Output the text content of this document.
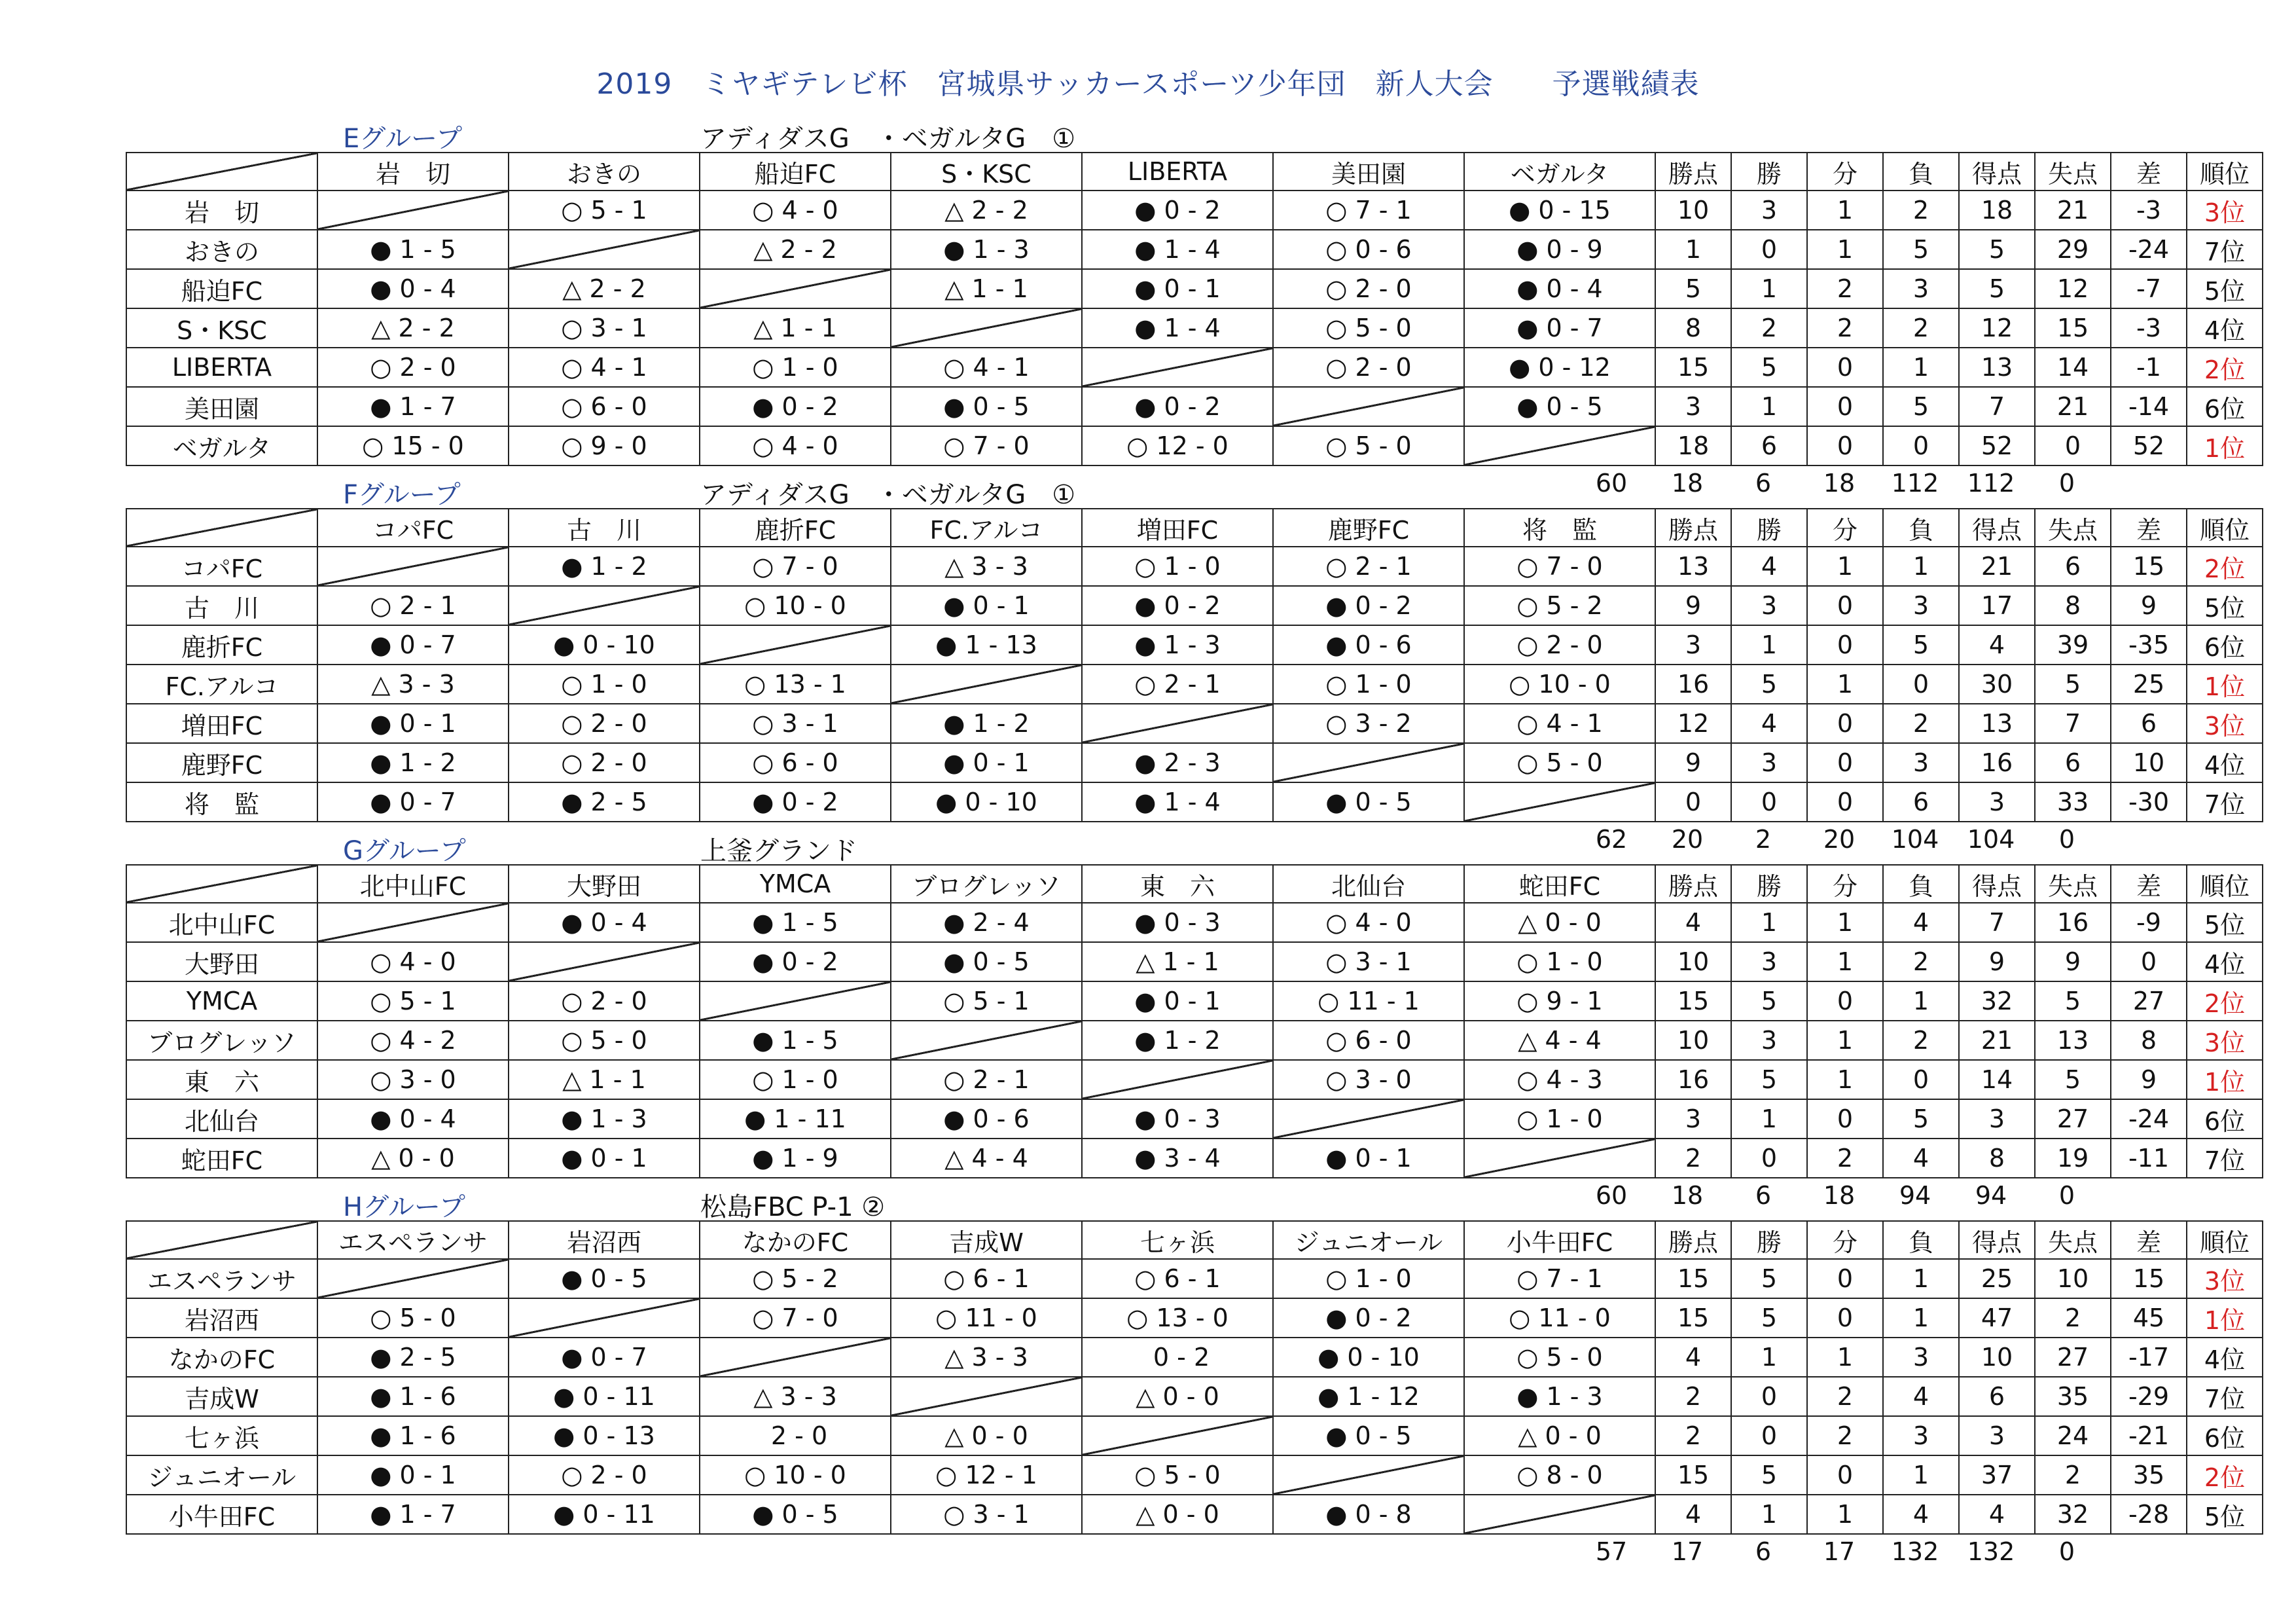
2019　ミヤギテレビ杯　宮城県サッカースポーツ少年団　新人大会　　予選戦績表
Eグループ	アディダスG　・ベガルタG　①
	岩　切	おきの	船迫FC	S・KSC	LIBERTA	美田園	ベガルタ	勝点	勝	分	負	得点	失点	差	順位
岩　切		○ 5 - 1	○ 4 - 0	△ 2 - 2	● 0 - 2	○ 7 - 1	● 0 - 15	10	3	1	2	18	21	-3	3位
おきの	● 1 - 5		△ 2 - 2	● 1 - 3	● 1 - 4	○ 0 - 6	● 0 - 9	1	0	1	5	5	29	-24	7位
船迫FC	● 0 - 4	△ 2 - 2		△ 1 - 1	● 0 - 1	○ 2 - 0	● 0 - 4	5	1	2	3	5	12	-7	5位
S・KSC	△ 2 - 2	○ 3 - 1	△ 1 - 1		● 1 - 4	○ 5 - 0	● 0 - 7	8	2	2	2	12	15	-3	4位
LIBERTA	○ 2 - 0	○ 4 - 1	○ 1 - 0	○ 4 - 1		○ 2 - 0	● 0 - 12	15	5	0	1	13	14	-1	2位
美田園	● 1 - 7	○ 6 - 0	● 0 - 2	● 0 - 5	● 0 - 2		● 0 - 5	3	1	0	5	7	21	-14	6位
ベガルタ	○ 15 - 0	○ 9 - 0	○ 4 - 0	○ 7 - 0	○ 12 - 0	○ 5 - 0		18	6	0	0	52	0	52	1位
60	18	6	18	112	112	0
Fグループ	アディダスG　・ベガルタG　①
	コパFC	古　川	鹿折FC	FC.アルコ	増田FC	鹿野FC	将　監	勝点	勝	分	負	得点	失点	差	順位
コパFC		● 1 - 2	○ 7 - 0	△ 3 - 3	○ 1 - 0	○ 2 - 1	○ 7 - 0	13	4	1	1	21	6	15	2位
古　川	○ 2 - 1		○ 10 - 0	● 0 - 1	● 0 - 2	● 0 - 2	○ 5 - 2	9	3	0	3	17	8	9	5位
鹿折FC	● 0 - 7	● 0 - 10		● 1 - 13	● 1 - 3	● 0 - 6	○ 2 - 0	3	1	0	5	4	39	-35	6位
FC.アルコ	△ 3 - 3	○ 1 - 0	○ 13 - 1		○ 2 - 1	○ 1 - 0	○ 10 - 0	16	5	1	0	30	5	25	1位
増田FC	● 0 - 1	○ 2 - 0	○ 3 - 1	● 1 - 2		○ 3 - 2	○ 4 - 1	12	4	0	2	13	7	6	3位
鹿野FC	● 1 - 2	○ 2 - 0	○ 6 - 0	● 0 - 1	● 2 - 3		○ 5 - 0	9	3	0	3	16	6	10	4位
将　監	● 0 - 7	● 2 - 5	● 0 - 2	● 0 - 10	● 1 - 4	● 0 - 5		0	0	0	6	3	33	-30	7位
62	20	2	20	104	104	0
Gグループ	上釜グランド
	北中山FC	大野田	YMCA	ブログレッソ	東　六	北仙台	蛇田FC	勝点	勝	分	負	得点	失点	差	順位
北中山FC		● 0 - 4	● 1 - 5	● 2 - 4	● 0 - 3	○ 4 - 0	△ 0 - 0	4	1	1	4	7	16	-9	5位
大野田	○ 4 - 0		● 0 - 2	● 0 - 5	△ 1 - 1	○ 3 - 1	○ 1 - 0	10	3	1	2	9	9	0	4位
YMCA	○ 5 - 1	○ 2 - 0		○ 5 - 1	● 0 - 1	○ 11 - 1	○ 9 - 1	15	5	0	1	32	5	27	2位
ブログレッソ	○ 4 - 2	○ 5 - 0	● 1 - 5		● 1 - 2	○ 6 - 0	△ 4 - 4	10	3	1	2	21	13	8	3位
東　六	○ 3 - 0	△ 1 - 1	○ 1 - 0	○ 2 - 1		○ 3 - 0	○ 4 - 3	16	5	1	0	14	5	9	1位
北仙台	● 0 - 4	● 1 - 3	● 1 - 11	● 0 - 6	● 0 - 3		○ 1 - 0	3	1	0	5	3	27	-24	6位
蛇田FC	△ 0 - 0	● 0 - 1	● 1 - 9	△ 4 - 4	● 3 - 4	● 0 - 1		2	0	2	4	8	19	-11	7位
60	18	6	18	94	94	0
Hグループ	松島FBC P-1 ②
	エスペランサ	岩沼西	なかのFC	吉成W	七ヶ浜	ジュニオール	小牛田FC	勝点	勝	分	負	得点	失点	差	順位
エスペランサ		● 0 - 5	○ 5 - 2	○ 6 - 1	○ 6 - 1	○ 1 - 0	○ 7 - 1	15	5	0	1	25	10	15	3位
岩沼西	○ 5 - 0		○ 7 - 0	○ 11 - 0	○ 13 - 0	● 0 - 2	○ 11 - 0	15	5	0	1	47	2	45	1位
なかのFC	● 2 - 5	● 0 - 7		△ 3 - 3	0 - 2	● 0 - 10	○ 5 - 0	4	1	1	3	10	27	-17	4位
吉成W	● 1 - 6	● 0 - 11	△ 3 - 3		△ 0 - 0	● 1 - 12	● 1 - 3	2	0	2	4	6	35	-29	7位
七ヶ浜	● 1 - 6	● 0 - 13	2 - 0	△ 0 - 0		● 0 - 5	△ 0 - 0	2	0	2	3	3	24	-21	6位
ジュニオール	● 0 - 1	○ 2 - 0	○ 10 - 0	○ 12 - 1	○ 5 - 0		○ 8 - 0	15	5	0	1	37	2	35	2位
小牛田FC	● 1 - 7	● 0 - 11	● 0 - 5	○ 3 - 1	△ 0 - 0	● 0 - 8		4	1	1	4	4	32	-28	5位
57	17	6	17	132	132	0
